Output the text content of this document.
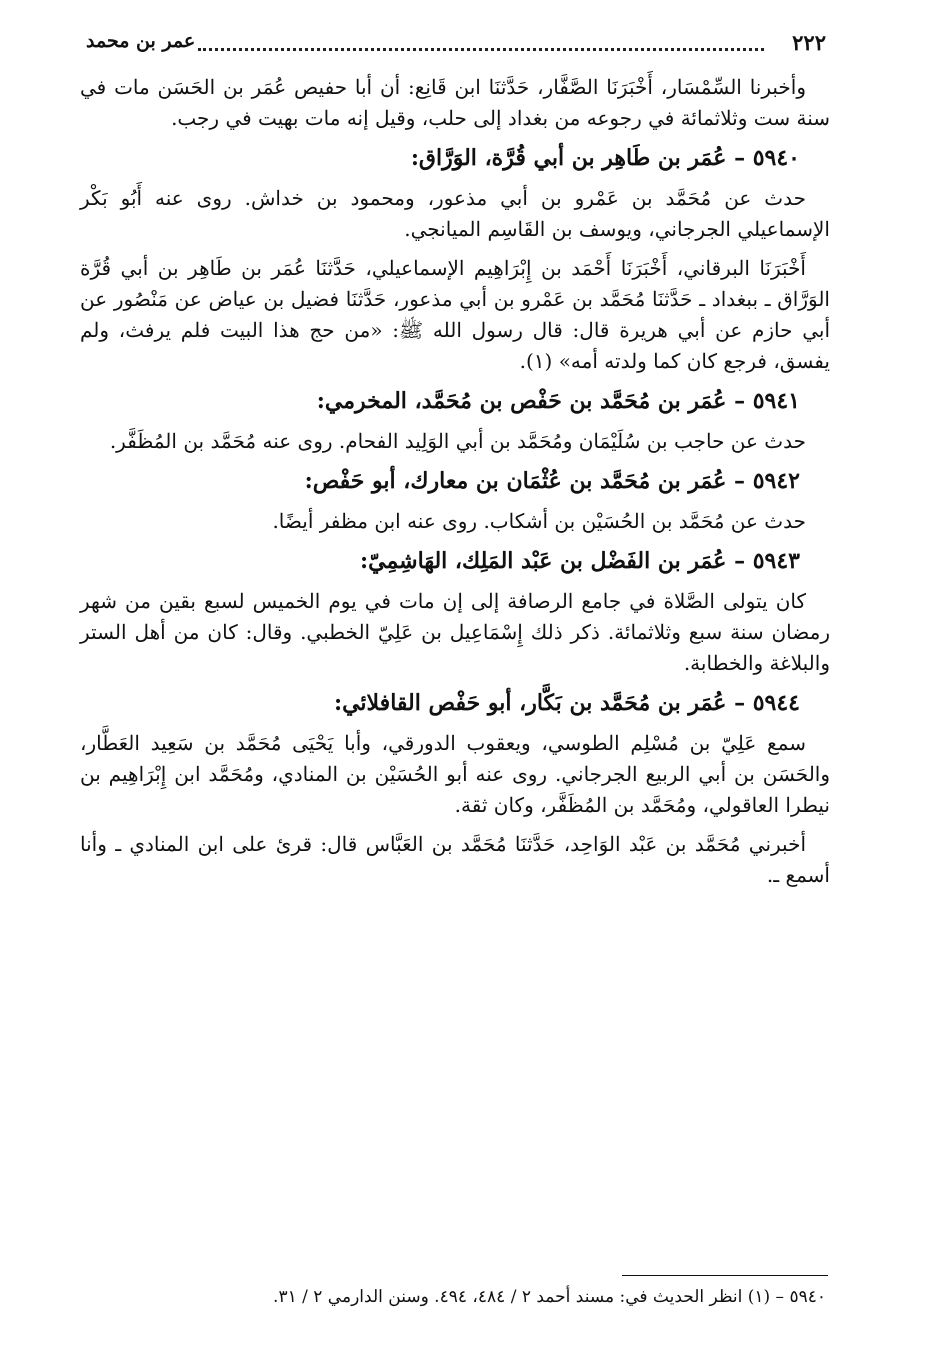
٢٢٢
عمر بن محمد

وأخبرنا السِّمْسَار، أَخْبَرَنَا الصَّفَّار، حَدَّثنَا ابن قَانِع: أن أبا حفيص عُمَر بن الحَسَن مات في سنة ست وثلاثمائة في رجوعه من بغداد إلى حلب، وقيل إنه مات بهيت في رجب.

٥٩٤٠ – عُمَر بن طَاهِر بن أبي قُرَّة، الوَرَّاق:

حدث عن مُحَمَّد بن عَمْرو بن أبي مذعور، ومحمود بن خداش. روى عنه أَبُو بَكْر الإسماعيلي الجرجاني، ويوسف بن القَاسِم الميانجي.

أَخْبَرَنَا البرقاني، أَخْبَرَنَا أَحْمَد بن إِبْرَاهِيم الإسماعيلي، حَدَّثنَا عُمَر بن طَاهِر بن أبي قُرَّة الوَرَّاق ـ ببغداد ـ حَدَّثنَا مُحَمَّد بن عَمْرو بن أبي مذعور، حَدَّثنَا فضيل بن عياض عن مَنْصُور عن أبي حازم عن أبي هريرة قال: قال رسول الله ﷺ: «من حج هذا البيت فلم يرفث، ولم يفسق، فرجع كان كما ولدته أمه» (١).

٥٩٤١ – عُمَر بن مُحَمَّد بن حَفْص بن مُحَمَّد، المخرمي:

حدث عن حاجب بن سُلَيْمَان ومُحَمَّد بن أبي الوَلِيد الفحام. روى عنه مُحَمَّد بن المُظَفَّر.

٥٩٤٢ – عُمَر بن مُحَمَّد بن عُثْمَان بن معارك، أبو حَفْص:

حدث عن مُحَمَّد بن الحُسَيْن بن أشكاب. روى عنه ابن مظفر أيضًا.

٥٩٤٣ – عُمَر بن الفَضْل بن عَبْد المَلِك، الهَاشِمِيّ:

كان يتولى الصَّلاة في جامع الرصافة إلى إن مات في يوم الخميس لسبع بقين من شهر رمضان سنة سبع وثلاثمائة. ذكر ذلك إِسْمَاعِيل بن عَلِيّ الخطبي. وقال: كان من أهل الستر والبلاغة والخطابة.

٥٩٤٤ – عُمَر بن مُحَمَّد بن بَكَّار، أبو حَفْص القافلائي:

سمع عَلِيّ بن مُسْلِم الطوسي، ويعقوب الدورقي، وأبا يَحْيَى مُحَمَّد بن سَعِيد العَطَّار، والحَسَن بن أبي الربيع الجرجاني. روى عنه أبو الحُسَيْن بن المنادي، ومُحَمَّد ابن إِبْرَاهِيم بن نيطرا العاقولي، ومُحَمَّد بن المُظَفَّر، وكان ثقة.

أخبرني مُحَمَّد بن عَبْد الوَاحِد، حَدَّثنَا مُحَمَّد بن العَبَّاس قال: قرئ على ابن المنادي ـ وأنا أسمع ـ.

٥٩٤٠ – (١) انظر الحديث في: مسند أحمد ٢ / ٤٨٤، ٤٩٤. وسنن الدارمي ٢ / ٣١.
